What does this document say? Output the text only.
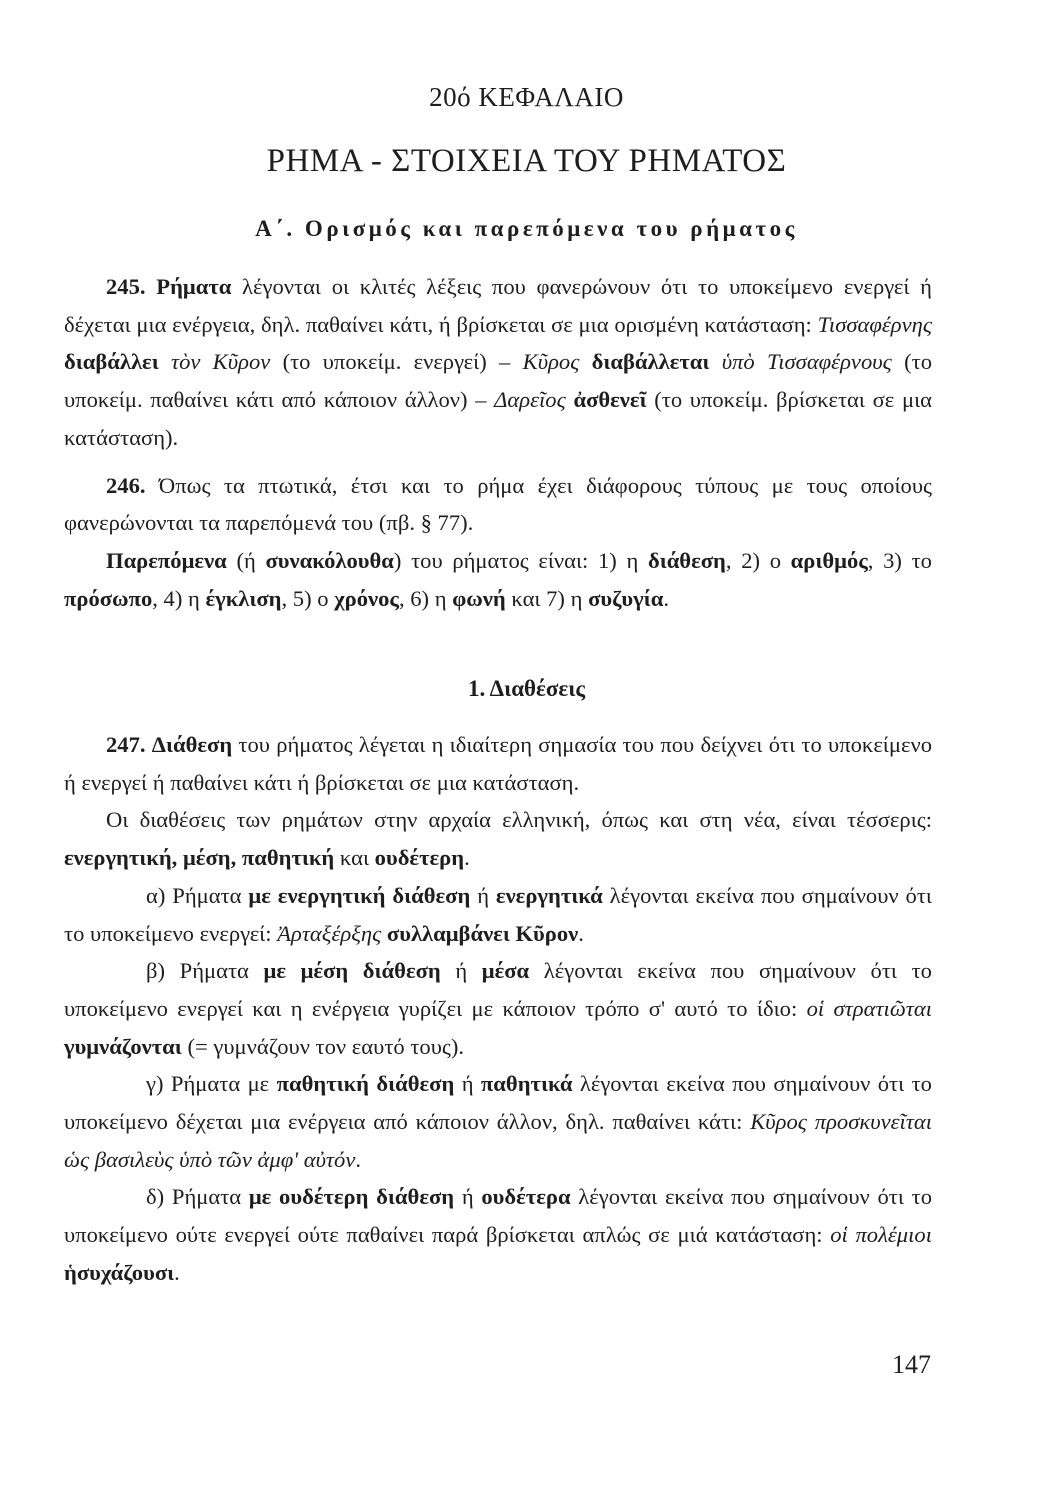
20ό ΚΕΦΑΛΑΙΟ
ΡΗΜΑ - ΣΤΟΙΧΕΙΑ ΤΟΥ ΡΗΜΑΤΟΣ
Α΄. Ορισμός και παρεπόμενα του ρήματος

245. Ρήματα λέγονται οι κλιτές λέξεις που φανερώνουν ότι το υποκείμενο ενεργεί ή δέχεται μια ενέργεια, δηλ. παθαίνει κάτι, ή βρίσκεται σε μια ορισμένη κατάσταση: Τισσαφέρνης διαβάλλει τὸν Κῦρον (το υποκείμ. ενεργεί) – Κῦρος διαβάλλεται ὑπὸ Τισσαφέρνους (το υποκείμ. παθαίνει κάτι από κάποιον άλλον) – Δαρεῖος ἀσθενεῖ (το υποκείμ. βρίσκεται σε μια κατάσταση).

246. Όπως τα πτωτικά, έτσι και το ρήμα έχει διάφορους τύπους με τους οποίους φανερώνονται τα παρεπόμενά του (πβ. § 77).

Παρεπόμενα (ή συνακόλουθα) του ρήματος είναι: 1) η διάθεση, 2) ο αριθμός, 3) το πρόσωπο, 4) η έγκλιση, 5) ο χρόνος, 6) η φωνή και 7) η συζυγία.

1. Διαθέσεις

247. Διάθεση του ρήματος λέγεται η ιδιαίτερη σημασία του που δείχνει ότι το υποκείμενο ή ενεργεί ή παθαίνει κάτι ή βρίσκεται σε μια κατάσταση.

Οι διαθέσεις των ρημάτων στην αρχαία ελληνική, όπως και στη νέα, είναι τέσσερις: ενεργητική, μέση, παθητική και ουδέτερη.

α) Ρήματα με ενεργητική διάθεση ή ενεργητικά λέγονται εκείνα που σημαίνουν ότι το υποκείμενο ενεργεί: Ἀρταξέρξης συλλαμβάνει Κῦρον.

β) Ρήματα με μέση διάθεση ή μέσα λέγονται εκείνα που σημαίνουν ότι το υποκείμενο ενεργεί και η ενέργεια γυρίζει με κάποιον τρόπο σ' αυτό το ίδιο: οἱ στρατιῶται γυμνάζονται (= γυμνάζουν τον εαυτό τους).

γ) Ρήματα με παθητική διάθεση ή παθητικά λέγονται εκείνα που σημαίνουν ότι το υποκείμενο δέχεται μια ενέργεια από κάποιον άλλον, δηλ. παθαίνει κάτι: Κῦρος προσκυνεῖται ὡς βασιλεὺς ὑπὸ τῶν ἀμφ' αὐτόν.

δ) Ρήματα με ουδέτερη διάθεση ή ουδέτερα λέγονται εκείνα που σημαίνουν ότι το υποκείμενο ούτε ενεργεί ούτε παθαίνει παρά βρίσκεται απλώς σε μιά κατάσταση: οἱ πολέμιοι ἡσυχάζουσι.

147
